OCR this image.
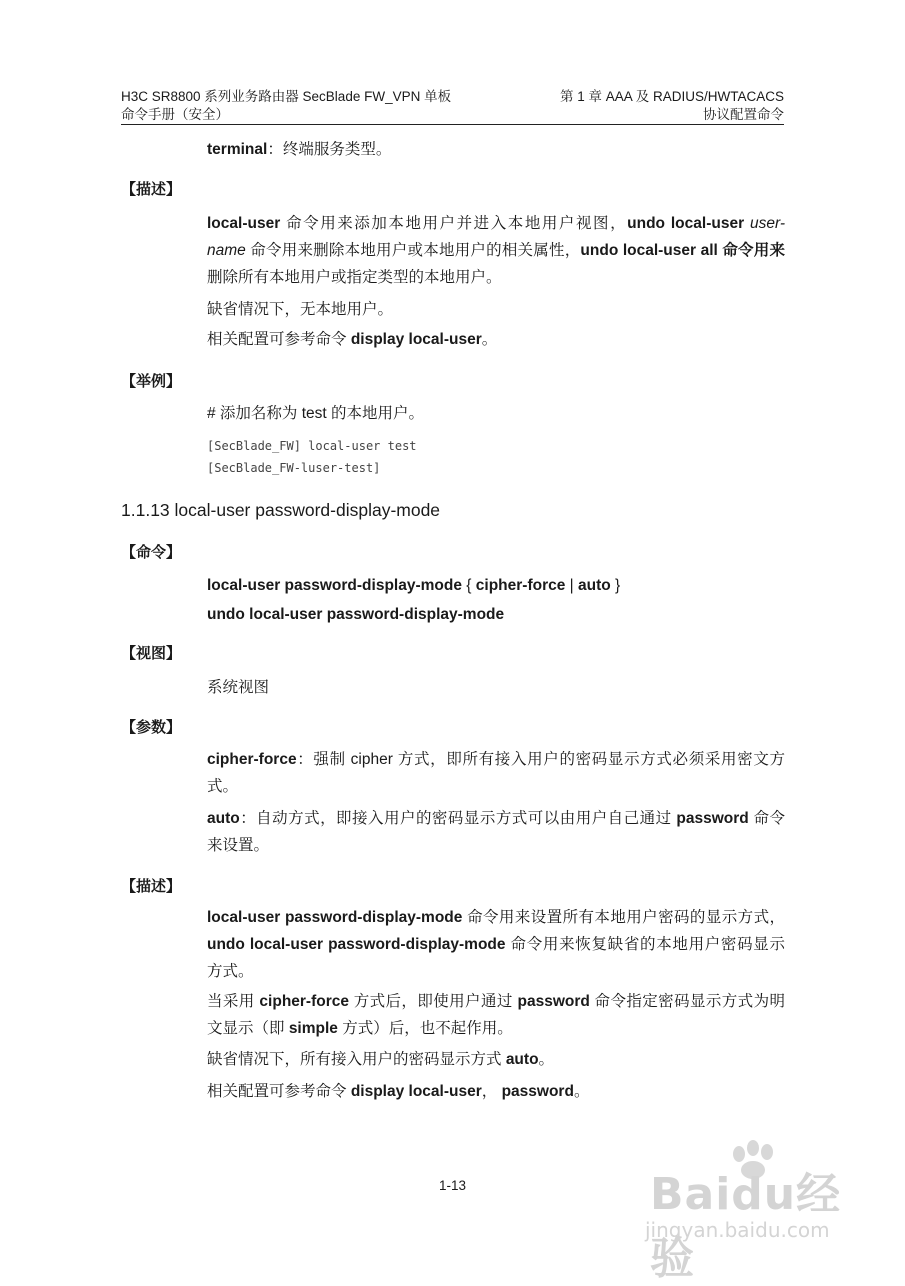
H3C SR8800 系列业务路由器 SecBlade FW_VPN 单板
命令手册（安全）
第 1 章 AAA 及 RADIUS/HWTACACS
协议配置命令
terminal：终端服务类型。
【描述】
local-user 命令用来添加本地用户并进入本地用户视图，undo local-user user-name 命令用来删除本地用户或本地用户的相关属性，undo local-user all 命令用来删除所有本地用户或指定类型的本地用户。
缺省情况下，无本地用户。
相关配置可参考命令 display local-user。
【举例】
# 添加名称为 test 的本地用户。
[SecBlade_FW] local-user test
[SecBlade_FW-luser-test]
1.1.13 local-user password-display-mode
【命令】
local-user password-display-mode { cipher-force | auto }
undo local-user password-display-mode
【视图】
系统视图
【参数】
cipher-force：强制 cipher 方式，即所有接入用户的密码显示方式必须采用密文方式。
auto：自动方式，即接入用户的密码显示方式可以由用户自己通过 password 命令来设置。
【描述】
local-user password-display-mode 命令用来设置所有本地用户密码的显示方式， undo local-user password-display-mode 命令用来恢复缺省的本地用户密码显示方式。
当采用 cipher-force 方式后，即使用户通过 password 命令指定密码显示方式为明文显示（即 simple 方式）后，也不起作用。
缺省情况下，所有接入用户的密码显示方式 auto。
相关配置可参考命令 display local-user， password。
1-13	Baidu经验
jingyan.baidu.com
